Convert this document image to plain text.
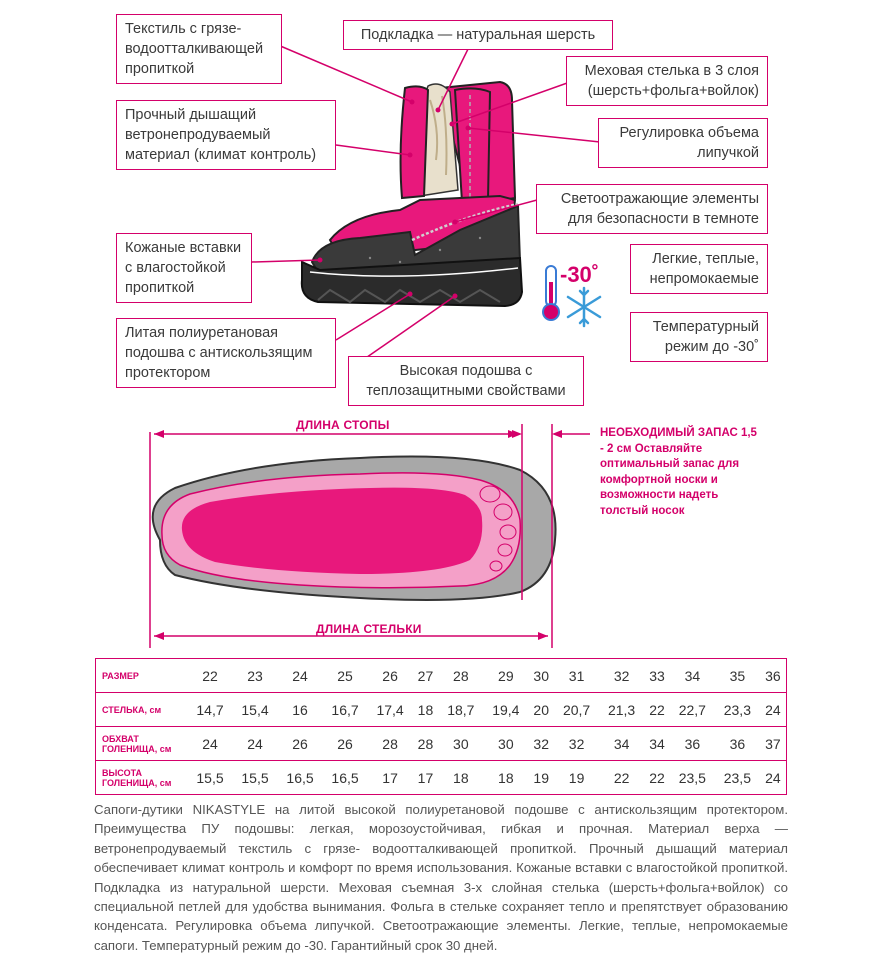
Текстиль с грязе-водоотталкивающей пропиткой
Подкладка — натуральная шерсть
Меховая стелька в 3 слоя (шерсть+фольга+войлок)
Прочный дышащий ветронепродуваемый материал (климат контроль)
Регулировка объема липучкой
Светоотражающие элементы для безопасности в темноте
Кожаные вставки с влагостойкой пропиткой
Легкие, теплые, непромокаемые
Литая полиуретановая подошва с антискользящим протектором
Температурный режим до -30˚
Высокая подошва с теплозащитными свойствами
-30˚
ДЛИНА СТОПЫ
ДЛИНА СТЕЛЬКИ
НЕОБХОДИМЫЙ ЗАПАС 1,5 - 2 см Оставляйте оптимальный запас для комфортной носки и возможности надеть толстый носок
РАЗМЕР	22	23	24	25	26	27	28	29	30	31	32	33	34	35	36
СТЕЛЬКА, см	14,7	15,4	16	16,7	17,4	18	18,7	19,4	20	20,7	21,3	22	22,7	23,3	24
ОБХВАТ ГОЛЕНИЩА, см	24	24	26	26	28	28	30	30	32	32	34	34	36	36	37
ВЫСОТА ГОЛЕНИЩА, см	15,5	15,5	16,5	16,5	17	17	18	18	19	19	22	22	23,5	23,5	24
Сапоги-дутики NIKASTYLE на литой высокой полиуретановой подошве с антискользящим протектором. Преимущества ПУ подошвы: легкая, морозоустойчивая, гибкая и прочная. Материал верха — ветронепродуваемый текстиль с грязе- водоотталкивающей пропиткой. Прочный дышащий материал обеспечивает климат контроль и комфорт по время использования. Кожаные вставки с влагостойкой пропиткой. Подкладка из натуральной шерсти. Меховая съемная 3-х слойная стелька (шерсть+фольга+войлок) со специальной петлей для удобства вынимания. Фольга в стельке сохраняет тепло и препятствует образованию конденсата. Регулировка объема липучкой. Светоотражающие элементы. Легкие, теплые, непромокаемые сапоги. Температурный режим до -30. Гарантийный срок 30 дней.
